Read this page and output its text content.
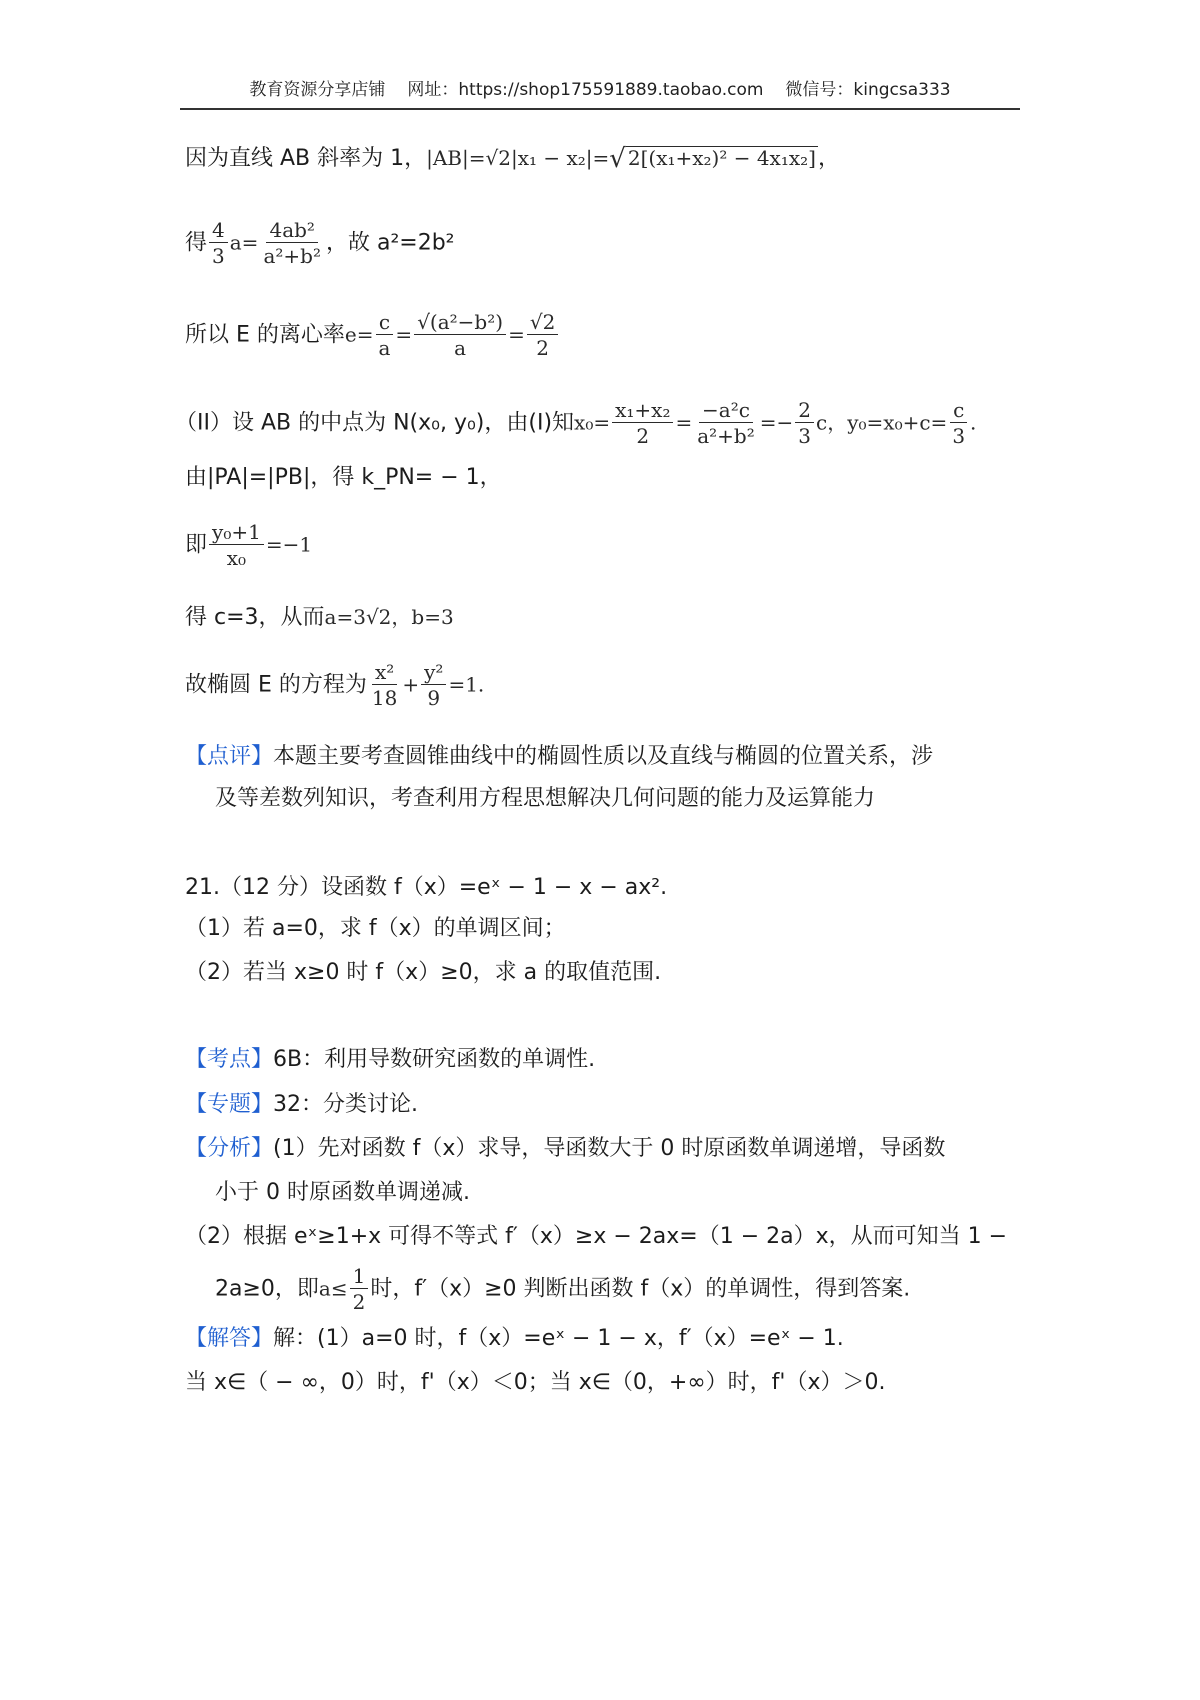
教育资源分享店铺 网址：https://shop175591889.taobao.com 微信号：kingcsa333
因为直线 AB 斜率为 1，|AB|=√2|x₁ − x₂|=√ 2[(x₁+x₂)² − 4x₁x₂]，
得 $\frac{4}{3} a= \frac{\text{4ab²}}{\text{a²+b²}}$ ，故 a²=2b²
所以 E 的离心率$e= \frac{c}{a} = \frac{\text{√(a²−b²)}}{a} = \frac{√2}{2}$
（II）设 AB 的中点为 N(x₀, y₀)，由(I)知$x_0= \frac{\text{x₁+x₂}}{2} = \frac{\text{−a²c}}{\text{a²+b²}} =- \frac{2}{3}$ c，$y_0=x_0+c= \frac{c}{3}$ .
由|PA|=|PB|，得 k_PN= − 1，
即 $\frac{\text{y₀+1}}{\text{x₀}} =-1$
得 c=3，从而a=3√2，b=3
故椭圆 E 的方程为 $\frac{\text{x²}}{18} + \frac{\text{y²}}{9} =1$.
【点评】本题主要考查圆锥曲线中的椭圆性质以及直线与椭圆的位置关系，涉
及等差数列知识，考查利用方程思想解决几何问题的能力及运算能力
21.（12 分）设函数 f（x）=eˣ − 1 − x − ax².
（1）若 a=0，求 f（x）的单调区间；
（2）若当 x≥0 时 f（x）≥0，求 a 的取值范围.
【考点】6B：利用导数研究函数的单调性.
【专题】32：分类讨论.
【分析】(1）先对函数 f（x）求导，导函数大于 0 时原函数单调递增，导函数
小于 0 时原函数单调递减.
（2）根据 eˣ≥1+x 可得不等式 f′（x）≥x − 2ax=（1 − 2a）x，从而可知当 1 −
2a≥0，即$a\le \frac{1}{2}$ 时，f′（x）≥0 判断出函数 f（x）的单调性，得到答案.
【解答】解：(1）a=0 时，f（x）=eˣ − 1 − x，f′（x）=eˣ − 1.
当 x∈（ − ∞，0）时，f'（x）＜0；当 x∈（0，+∞）时，f'（x）＞0.
